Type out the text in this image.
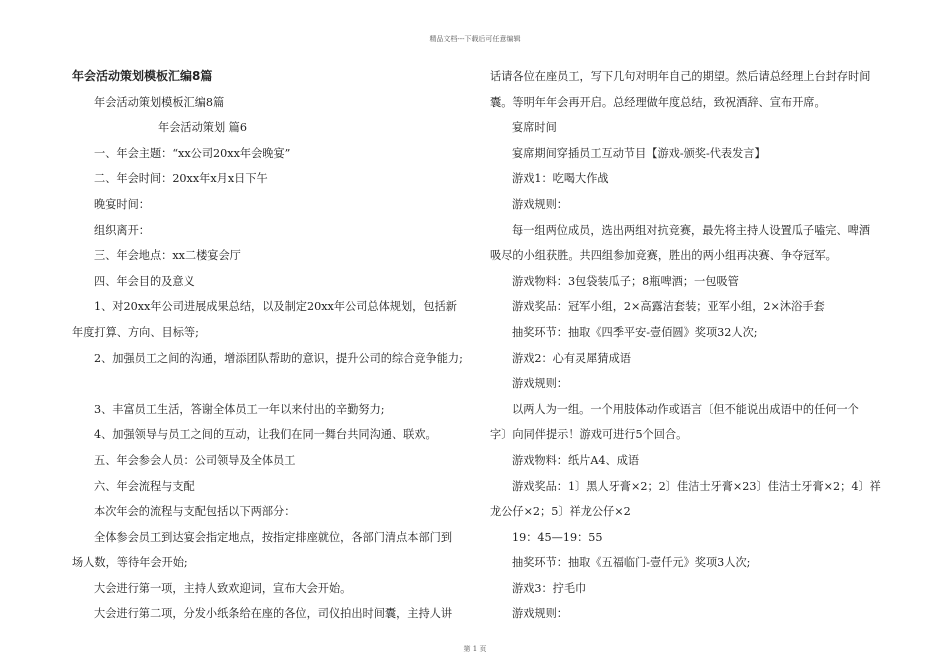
精品文档---下载后可任意编辑
年会活动策划模板汇编8篇
年会活动策划模板汇编8篇
年会活动策划 篇6
一、年会主题：“xx公司20xx年会晚宴”
二、年会时间：20xx年x月x日下午
晚宴时间：
组织离开：
三、年会地点：xx二楼宴会厅
四、年会目的及意义
1、对20xx年公司进展成果总结，以及制定20xx年公司总体规划，包括新
年度打算、方向、目标等;
2、加强员工之间的沟通，增添团队帮助的意识，提升公司的综合竞争能力;
3、丰富员工生活，答谢全体员工一年以来付出的辛勤努力;
4、加强领导与员工之间的互动，让我们在同一舞台共同沟通、联欢。
五、年会参会人员：公司领导及全体员工
六、年会流程与支配
本次年会的流程与支配包括以下两部分：
全体参会员工到达宴会指定地点，按指定排座就位，各部门清点本部门到
场人数，等待年会开始;
大会进行第一项，主持人致欢迎词，宣布大会开始。
大会进行第二项，分发小纸条给在座的各位，司仪拍出时间囊，主持人讲
话请各位在座员工，写下几句对明年自己的期望。然后请总经理上台封存时间
囊。等明年年会再开启。总经理做年度总结，致祝酒辞、宣布开席。
宴席时间
宴席期间穿插员工互动节目【游戏-颁奖-代表发言】
游戏1：吃喝大作战
游戏规则：
每一组两位成员，选出两组对抗竞赛，最先将主持人设置瓜子嗑完、啤酒
吸尽的小组获胜。共四组参加竞赛，胜出的两小组再决赛、争夺冠军。
游戏物料：3包袋装瓜子；8瓶啤酒；一包吸管
游戏奖品：冠军小组，2×高露洁套装；亚军小组，2×沐浴手套
抽奖环节：抽取《四季平安-壹佰圆》奖项32人次;
游戏2：心有灵犀猜成语
游戏规则：
以两人为一组。一个用肢体动作或语言〔但不能说出成语中的任何一个
字〕向同伴提示！游戏可进行5个回合。
游戏物料：纸片A4、成语
游戏奖品：1〕黑人牙膏×2；2〕佳洁士牙膏×23〕佳洁士牙膏×2；4〕祥
龙公仔×2；5〕祥龙公仔×2
19：45—19：55
抽奖环节：抽取《五福临门-壹仟元》奖项3人次;
游戏3：拧毛巾
游戏规则：
第 1 页
